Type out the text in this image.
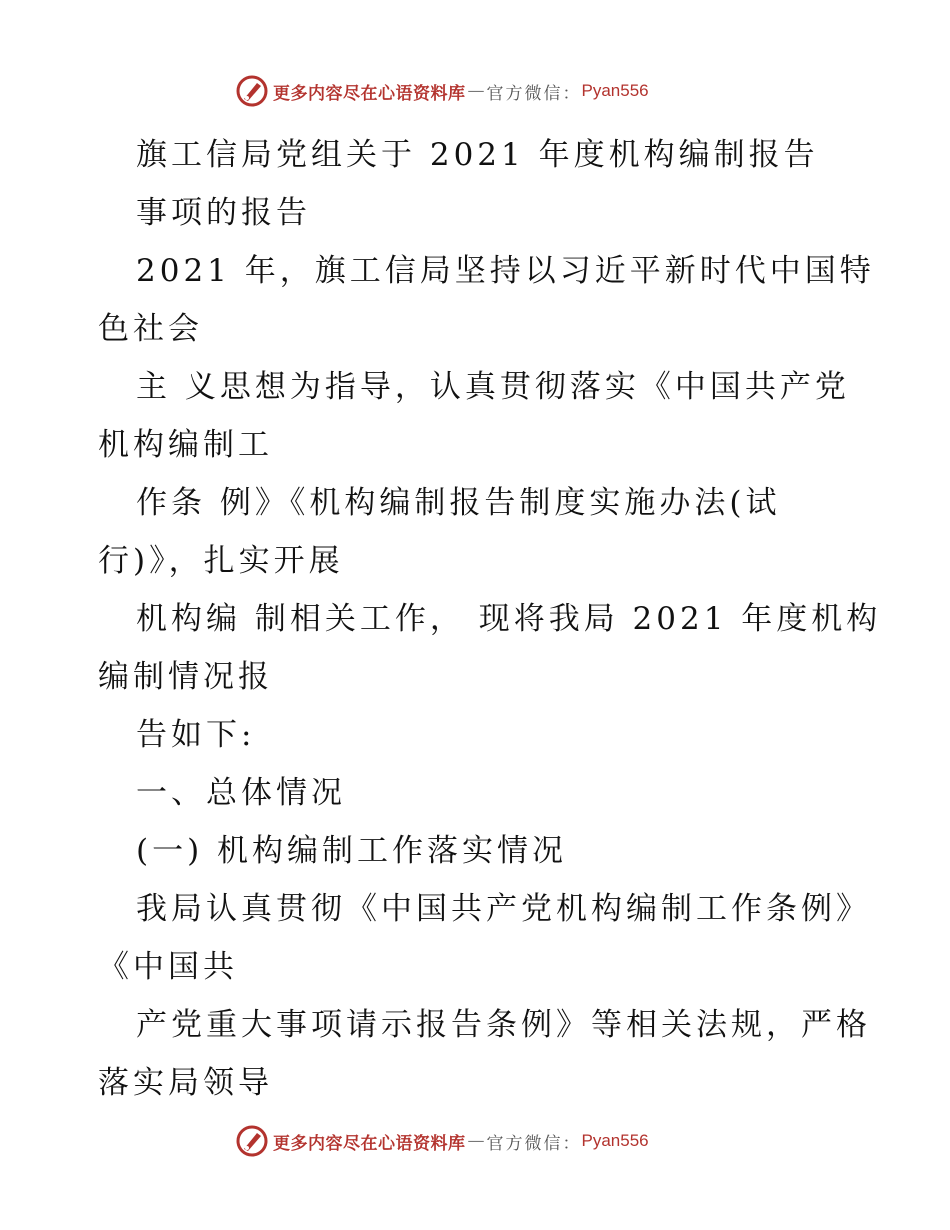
更多内容尽在心语资料库 — 官方微信： Pyan556

旗工信局党组关于 2021 年度机构编制报告

事项的报告

2021 年，旗工信局坚持以习近平新时代中国特

色社会

主 义思想为指导，认真贯彻落实《中国共产党

机构编制工

作条 例》《机构编制报告制度实施办法(试

行)》，扎实开展

机构编 制相关工作， 现将我局 2021 年度机构

编制情况报

告如下:

一、总体情况

(一) 机构编制工作落实情况

我局认真贯彻《中国共产党机构编制工作条例》

《中国共

产党重大事项请示报告条例》等相关法规，严格

落实局领导

更多内容尽在心语资料库 — 官方微信： Pyan556
